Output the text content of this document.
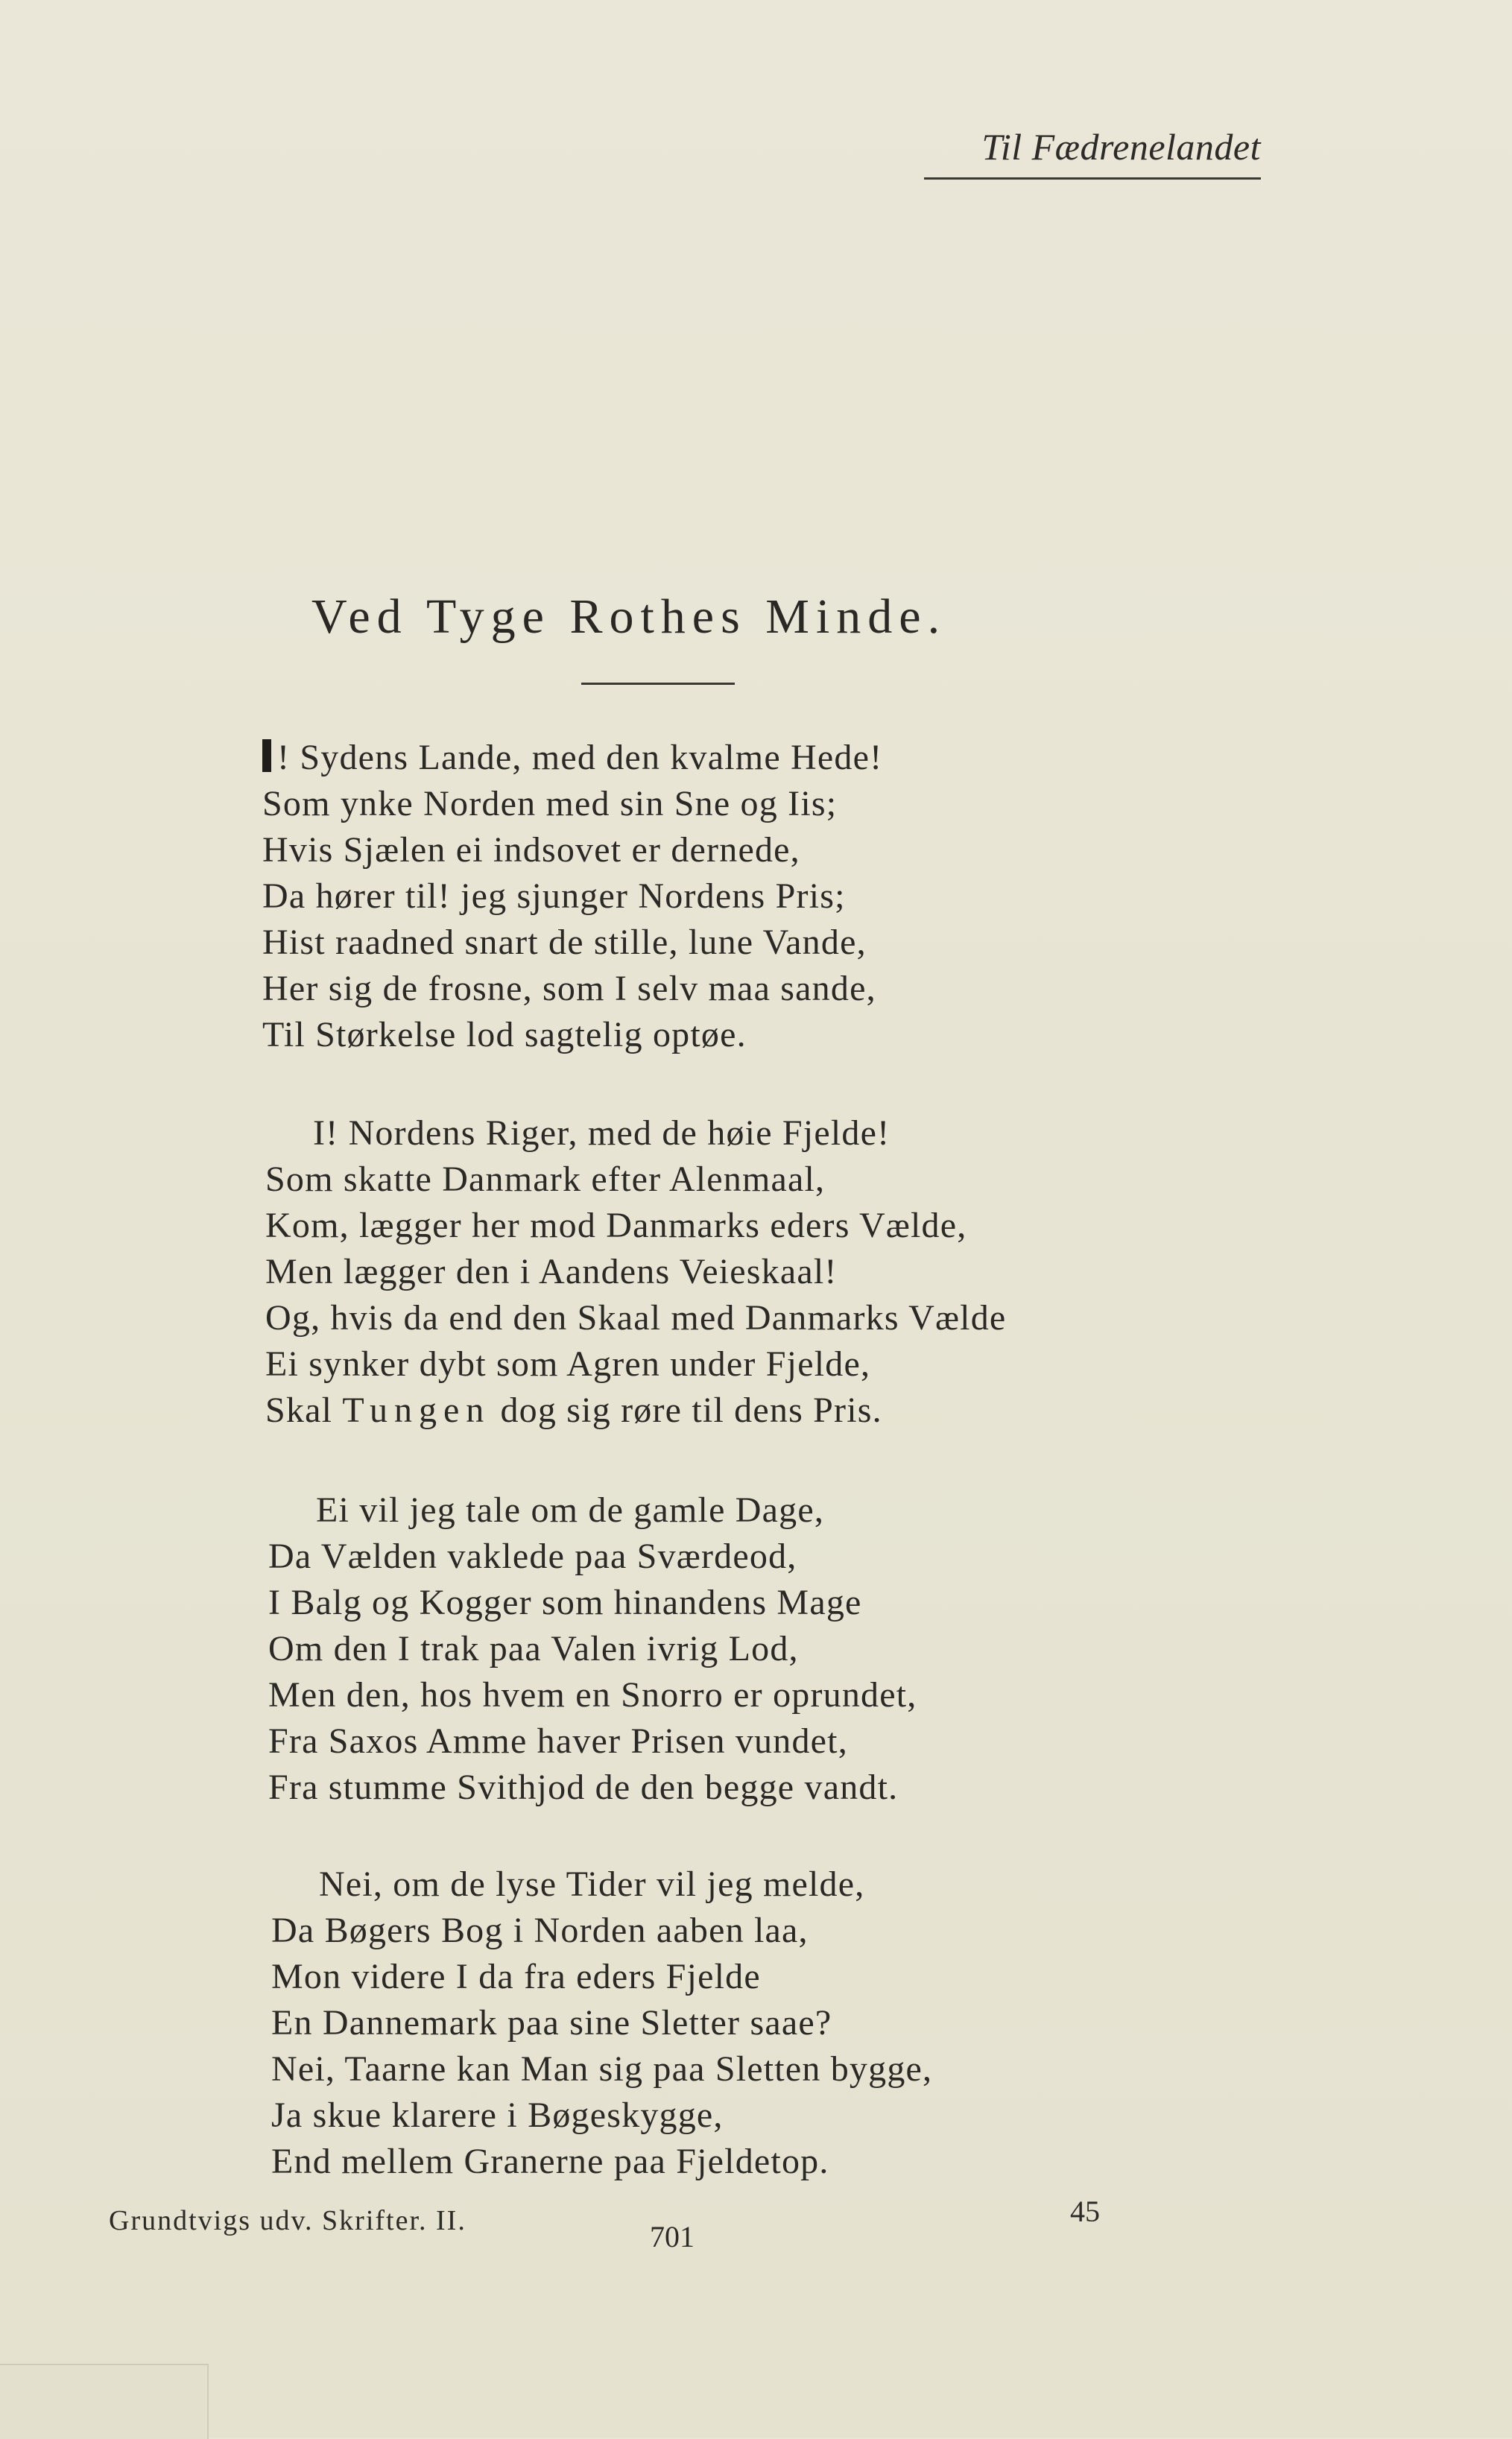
Til Fædrenelandet
Ved Tyge Rothes Minde.
! Sydens Lande, med den kvalme Hede!
Som ynke Norden med sin Sne og Iis;
Hvis Sjælen ei indsovet er dernede,
Da hører til! jeg sjunger Nordens Pris;
Hist raadned snart de stille, lune Vande,
Her sig de frosne, som I selv maa sande,
Til Størkelse lod sagtelig optøe.
I! Nordens Riger, med de høie Fjelde!
Som skatte Danmark efter Alenmaal,
Kom, lægger her mod Danmarks eders Vælde,
Men lægger den i Aandens Veieskaal!
Og, hvis da end den Skaal med Danmarks Vælde
Ei synker dybt som Agren under Fjelde,
Skal Tungen dog sig røre til dens Pris.
Ei vil jeg tale om de gamle Dage,
Da Vælden vaklede paa Sværdeod,
I Balg og Kogger som hinandens Mage
Om den I trak paa Valen ivrig Lod,
Men den, hos hvem en Snorro er oprundet,
Fra Saxos Amme haver Prisen vundet,
Fra stumme Svithjod de den begge vandt.
Nei, om de lyse Tider vil jeg melde,
Da Bøgers Bog i Norden aaben laa,
Mon videre I da fra eders Fjelde
En Dannemark paa sine Sletter saae?
Nei, Taarne kan Man sig paa Sletten bygge,
Ja skue klarere i Bøgeskygge,
End mellem Granerne paa Fjeldetop.
Grundtvigs udv. Skrifter. II.	45
701
